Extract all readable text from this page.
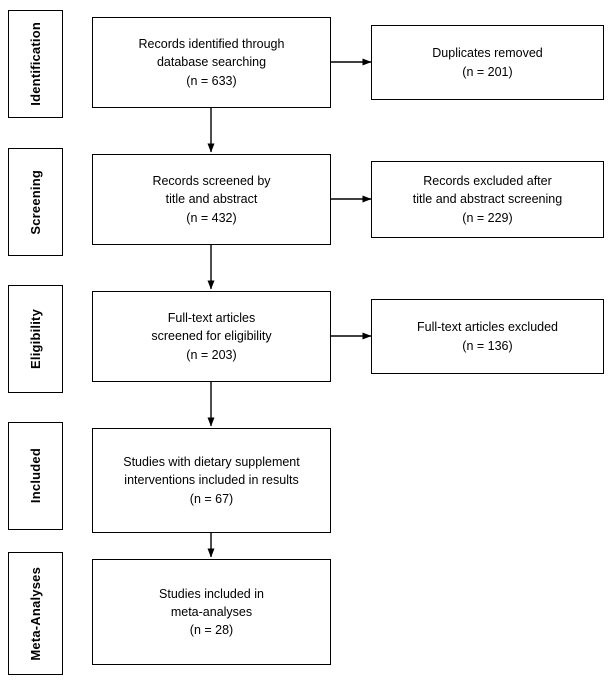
Identification
Screening
Eligibility
Included
Meta-Analyses
Records identified through
database searching
(n = 633)
Duplicates removed
(n = 201)
Records screened by
title and abstract
(n = 432)
Records excluded after
title and abstract screening
(n = 229)
Full-text articles
screened for eligibility
(n = 203)
Full-text articles excluded
(n = 136)
Studies with dietary supplement
interventions included in results
(n = 67)
Studies included in
meta-analyses
(n = 28)
